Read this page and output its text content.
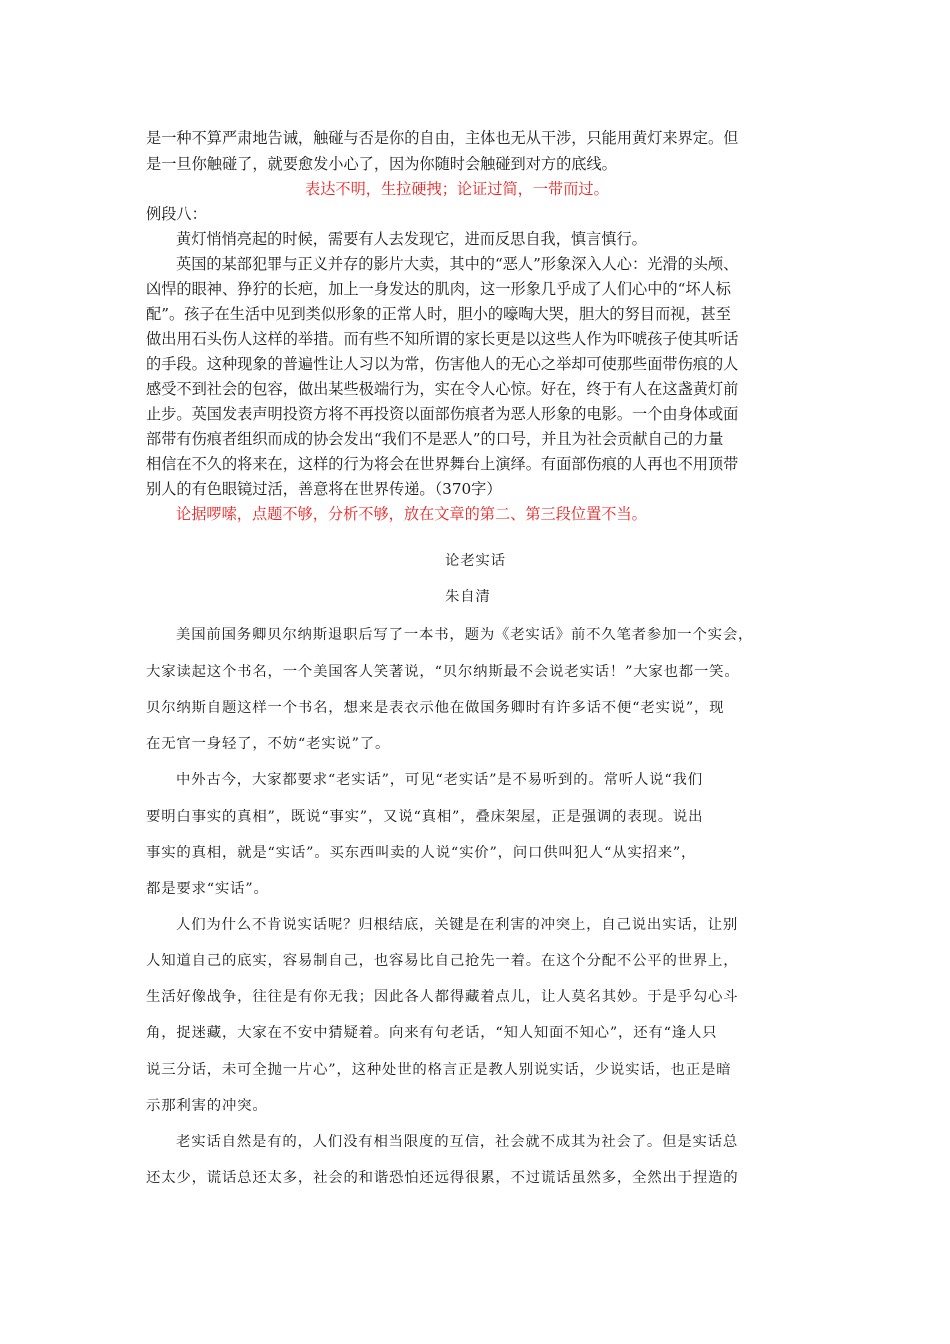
是一种不算严肃地告诫，触碰与否是你的自由，主体也无从干涉，只能用黄灯来界定。但

是一旦你触碰了，就要愈发小心了，因为你随时会触碰到对方的底线。

表达不明，生拉硬拽；论证过简，一带而过。

例段八：

黄灯悄悄亮起的时候，需要有人去发现它，进而反思自我，慎言慎行。

英国的某部犯罪与正义并存的影片大卖，其中的“恶人”形象深入人心：光滑的头颅、

凶悍的眼神、狰狞的长疤，加上一身发达的肌肉，这一形象几乎成了人们心中的“坏人标

配”。孩子在生活中见到类似形象的正常人时，胆小的嚎啕大哭，胆大的努目而视，甚至

做出用石头伤人这样的举措。而有些不知所谓的家长更是以这些人作为吓唬孩子使其听话

的手段。这种现象的普遍性让人习以为常，伤害他人的无心之举却可使那些面带伤痕的人

感受不到社会的包容，做出某些极端行为，实在令人心惊。好在，终于有人在这盏黄灯前

止步。英国发表声明投资方将不再投资以面部伤痕者为恶人形象的电影。一个由身体或面

部带有伤痕者组织而成的协会发出“我们不是恶人”的口号，并且为社会贡献自己的力量

相信在不久的将来在，这样的行为将会在世界舞台上演绎。有面部伤痕的人再也不用顶带

别人的有色眼镜过活，善意将在世界传递。（370字）

论据啰嗦，点题不够，分析不够，放在文章的第二、第三段位置不当。

论老实话

朱自清

美国前国务卿贝尔纳斯退职后写了一本书，题为《老实话》前不久笔者参加一个实会，

大家读起这个书名，一个美国客人笑著说，“贝尔纳斯最不会说老实话！”大家也都一笑。

贝尔纳斯自题这样一个书名，想来是表衣示他在做国务卿时有许多话不便“老实说”，现

在无官一身轻了，不妨“老实说”了。

中外古今，大家都要求“老实话”，可见“老实话”是不易听到的。常听人说“我们

要明白事实的真相”，既说“事实”，又说“真相”，叠床架屋，正是强调的表现。说出

事实的真相，就是“实话”。买东西叫卖的人说“实价”，问口供叫犯人“从实招来”，

都是要求“实话”。

人们为什么不肯说实话呢？归根结底，关键是在利害的冲突上，自己说出实话，让别

人知道自己的底实，容易制自己，也容易比自己抢先一着。在这个分配不公平的世界上，

生活好像战争，往往是有你无我；因此各人都得藏着点儿，让人莫名其妙。于是乎勾心斗

角，捉迷藏，大家在不安中猜疑着。向来有句老话，“知人知面不知心”，还有“逢人只

说三分话，未可全抛一片心”，这种处世的格言正是教人别说实话，少说实话，也正是暗

示那利害的冲突。

老实话自然是有的，人们没有相当限度的互信，社会就不成其为社会了。但是实话总

还太少，谎话总还太多，社会的和谐恐怕还远得很累，不过谎话虽然多，全然出于捏造的
